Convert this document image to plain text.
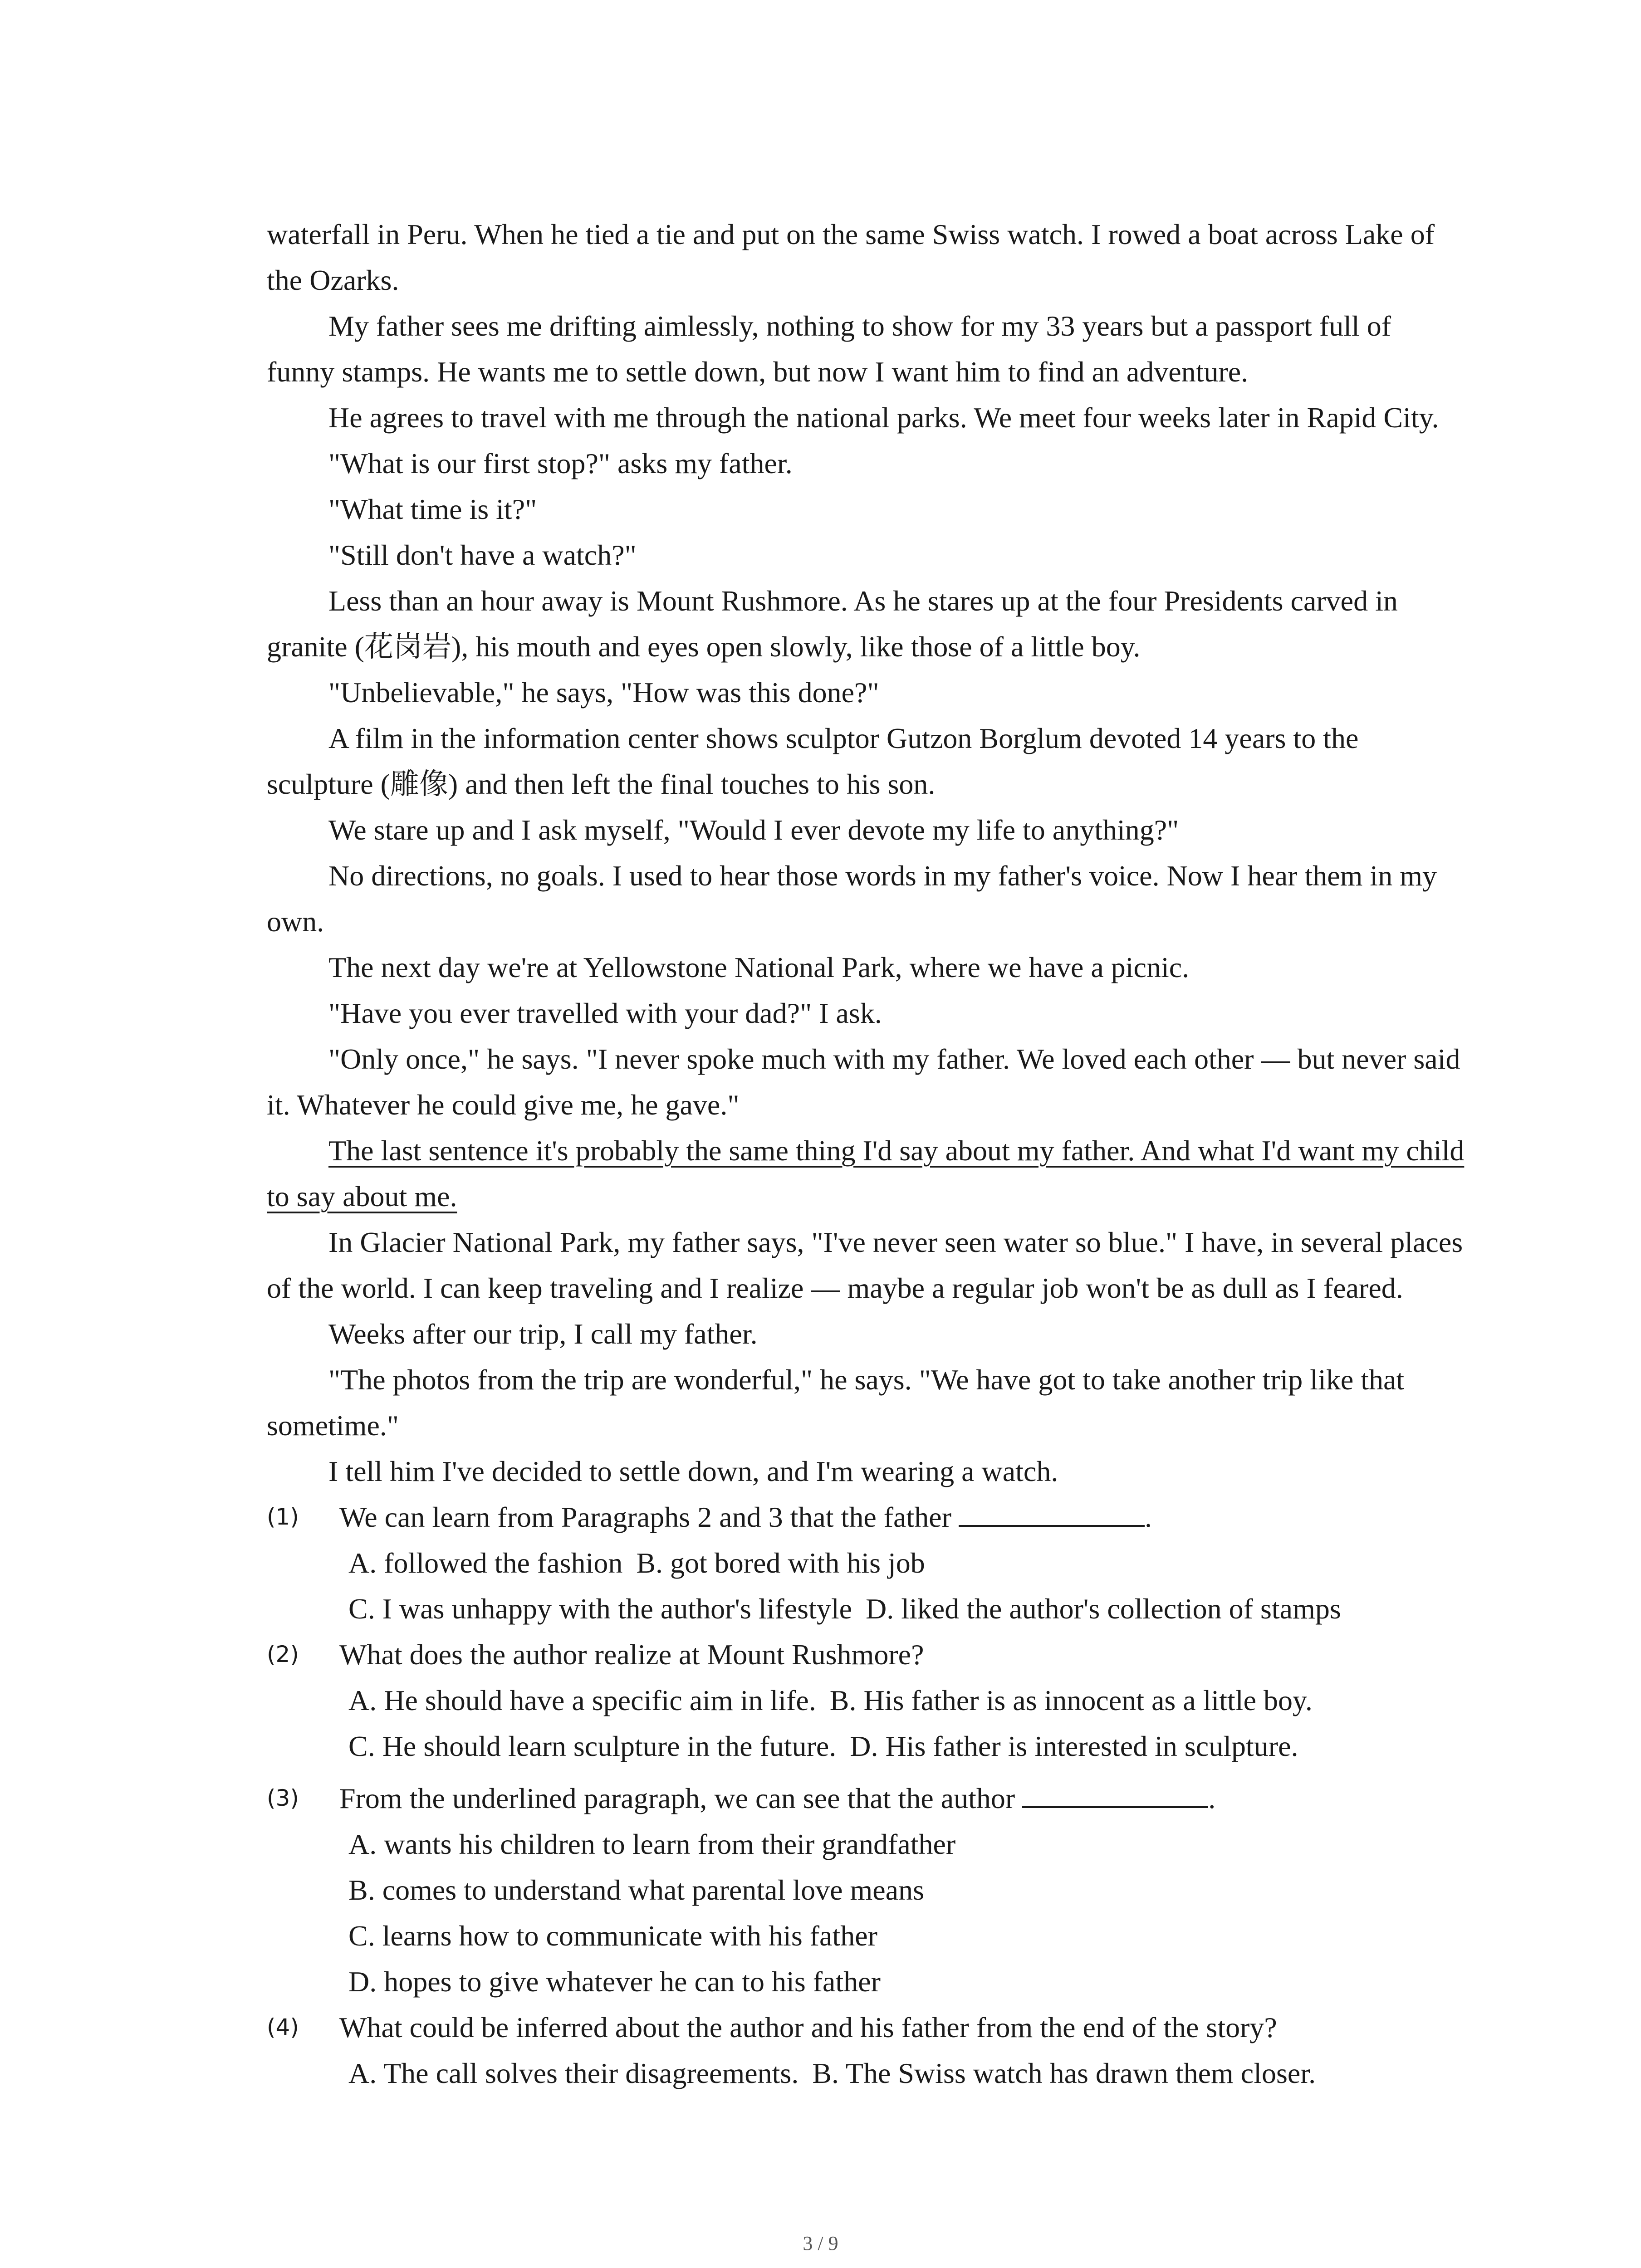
waterfall in Peru. When he tied a tie and put on the same Swiss watch. I rowed a boat across Lake of the Ozarks.

My father sees me drifting aimlessly, nothing to show for my 33 years but a passport full of funny stamps. He wants me to settle down, but now I want him to find an adventure.

He agrees to travel with me through the national parks. We meet four weeks later in Rapid City.

"What is our first stop?" asks my father.

"What time is it?"

"Still don't have a watch?"

Less than an hour away is Mount Rushmore. As he stares up at the four Presidents carved in granite (花岗岩), his mouth and eyes open slowly, like those of a little boy.

"Unbelievable," he says, "How was this done?"

A film in the information center shows sculptor Gutzon Borglum devoted 14 years to the sculpture (雕像) and then left the final touches to his son.

We stare up and I ask myself, "Would I ever devote my life to anything?"

No directions, no goals. I used to hear those words in my father's voice. Now I hear them in my own.

The next day we're at Yellowstone National Park, where we have a picnic.

"Have you ever travelled with your dad?" I ask.

"Only once," he says. "I never spoke much with my father. We loved each other — but never said it. Whatever he could give me, he gave."

The last sentence it's probably the same thing I'd say about my father. And what I'd want my child to say about me.

In Glacier National Park, my father says, "I've never seen water so blue." I have, in several places of the world. I can keep traveling and I realize — maybe a regular job won't be as dull as I feared.

Weeks after our trip, I call my father.

"The photos from the trip are wonderful," he says. "We have got to take another trip like that sometime."

I tell him I've decided to settle down, and I'm wearing a watch.

(1) We can learn from Paragraphs 2 and 3 that the father	.
A. followed the fashion B. got bored with his job
C. I was unhappy with the author's lifestyle D. liked the author's collection of stamps
(2) What does the author realize at Mount Rushmore?
A. He should have a specific aim in life. B. His father is as innocent as a little boy.
C. He should learn sculpture in the future. D. His father is interested in sculpture.
(3) From the underlined paragraph, we can see that the author	.
A. wants his children to learn from their grandfather
B. comes to understand what parental love means
C. learns how to communicate with his father
D. hopes to give whatever he can to his father
(4) What could be inferred about the author and his father from the end of the story?
A. The call solves their disagreements. B. The Swiss watch has drawn them closer.
3 / 9
